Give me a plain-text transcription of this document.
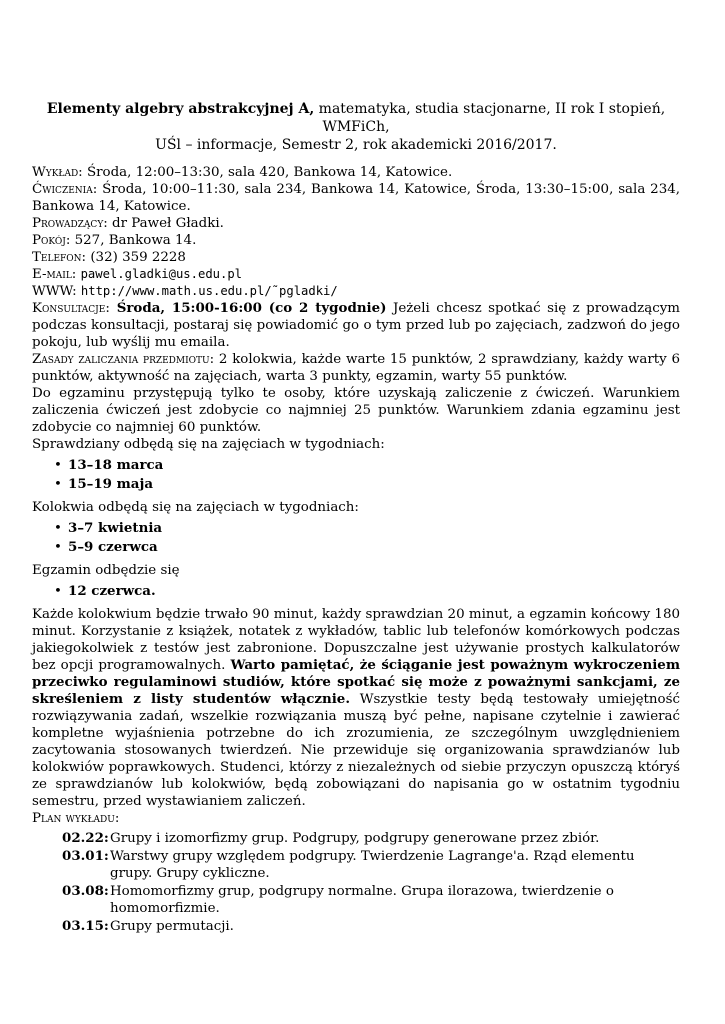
Elementy algebry abstrakcyjnej A, matematyka, studia stacjonarne, II rok I stopień, WMFiCh,
UŚl – informacje, Semestr 2, rok akademicki 2016/2017.

Wykład: Środa, 12:00–13:30, sala 420, Bankowa 14, Katowice.

Ćwiczenia: Środa, 10:00–11:30, sala 234, Bankowa 14, Katowice, Środa, 13:30–15:00, sala 234, Bankowa 14, Katowice.

Prowadzący: dr Paweł Gładki.

Pokój: 527, Bankowa 14.

Telefon: (32) 359 2228

E-mail: pawel.gladki@us.edu.pl

WWW: http://www.math.us.edu.pl/˜pgladki/

Konsultacje: Środa, 15:00-16:00 (co 2 tygodnie) Jeżeli chcesz spotkać się z prowadzącym podczas konsultacji, postaraj się powiadomić go o tym przed lub po zajęciach, zadzwoń do jego pokoju, lub wyślij mu emaila.

Zasady zaliczania przedmiotu: 2 kolokwia, każde warte 15 punktów, 2 sprawdziany, każdy warty 6 punktów, aktywność na zajęciach, warta 3 punkty, egzamin, warty 55 punktów.

Do egzaminu przystępują tylko te osoby, które uzyskają zaliczenie z ćwiczeń. Warunkiem zaliczenia ćwiczeń jest zdobycie co najmniej 25 punktów. Warunkiem zdania egzaminu jest zdobycie co najmniej 60 punktów.

Sprawdziany odbędą się na zajęciach w tygodniach:

• 13–18 marca
• 15–19 maja

Kolokwia odbędą się na zajęciach w tygodniach:

• 3–7 kwietnia
• 5–9 czerwca

Egzamin odbędzie się

• 12 czerwca.

Każde kolokwium będzie trwało 90 minut, każdy sprawdzian 20 minut, a egzamin końcowy 180 minut. Korzystanie z książek, notatek z wykładów, tablic lub telefonów komórkowych podczas jakiegokolwiek z testów jest zabronione. Dopuszczalne jest używanie prostych kalkulatorów bez opcji programowalnych. Warto pamiętać, że ściąganie jest poważnym wykroczeniem przeciwko regulaminowi studiów, które spotkać się może z poważnymi sankcjami, ze skreśleniem z listy studentów włącznie. Wszystkie testy będą testowały umiejętność rozwiązywania zadań, wszelkie rozwiązania muszą być pełne, napisane czytelnie i zawierać kompletne wyjaśnienia potrzebne do ich zrozumienia, ze szczególnym uwzględnieniem zacytowania stosowanych twierdzeń. Nie przewiduje się organizowania sprawdzianów lub kolokwiów poprawkowych. Studenci, którzy z niezależnych od siebie przyczyn opuszczą któryś ze sprawdzianów lub kolokwiów, będą zobowiązani do napisania go w ostatnim tygodniu semestru, przed wystawianiem zaliczeń.

Plan wykładu:

02.22: Grupy i izomorfizmy grup. Podgrupy, podgrupy generowane przez zbiór.
03.01: Warstwy grupy względem podgrupy. Twierdzenie Lagrange'a. Rząd elementu grupy. Grupy cykliczne.
03.08: Homomorfizmy grup, podgrupy normalne. Grupa ilorazowa, twierdzenie o homomorfizmie.
03.15: Grupy permutacji.
